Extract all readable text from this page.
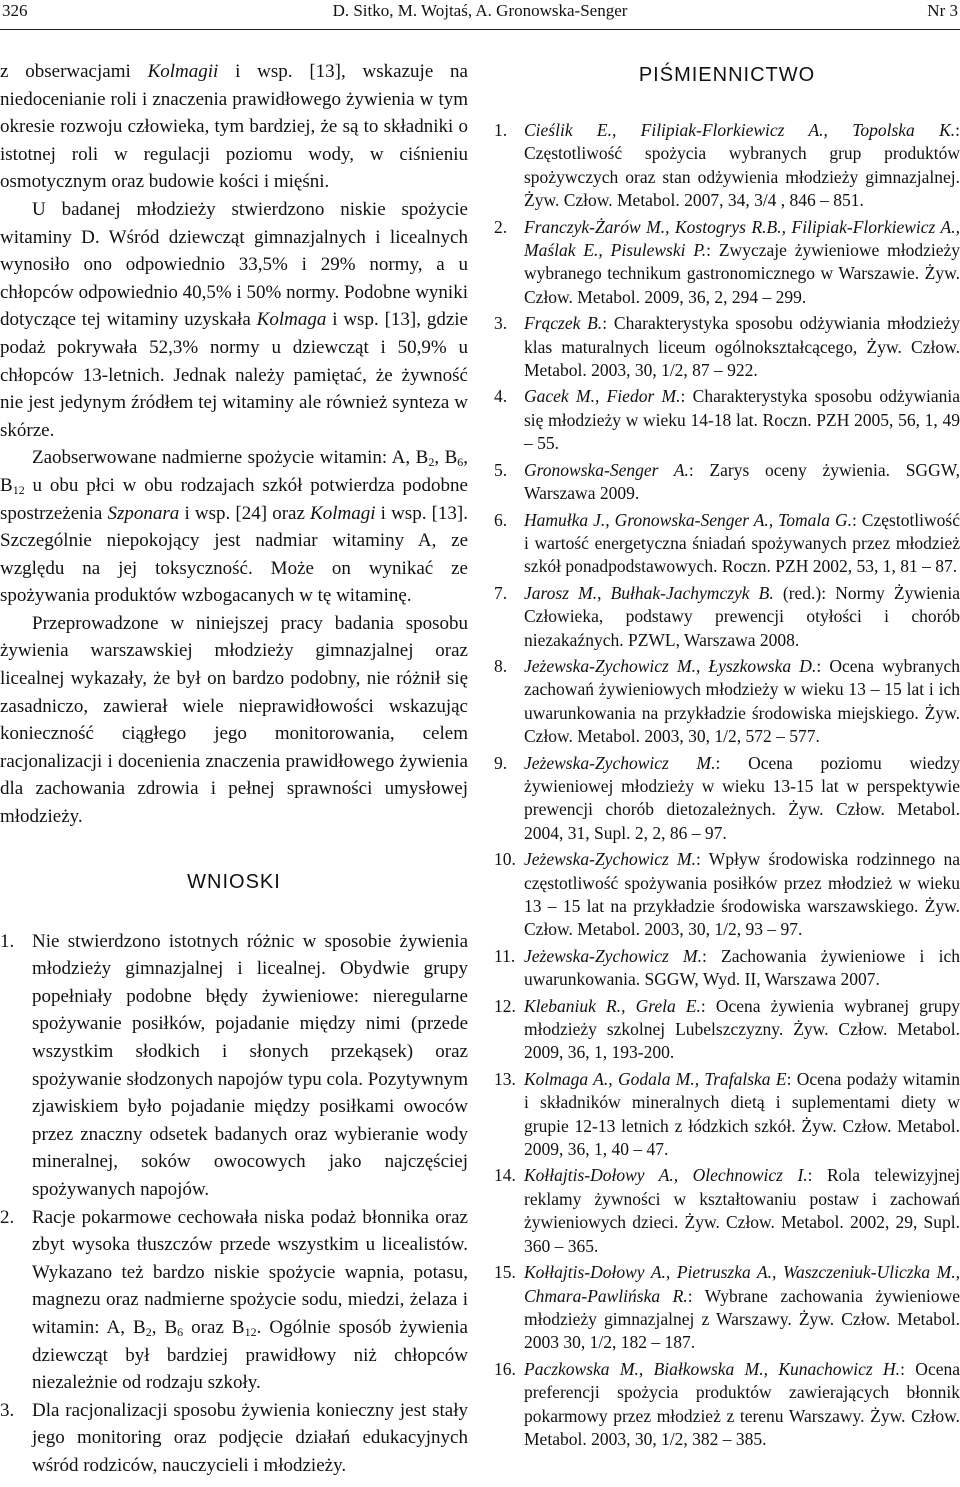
326	D. Sitko, M. Wojtaś, A. Gronowska-Senger	Nr 3

z obserwacjami Kolmagii i wsp. [13], wskazuje na niedocenianie roli i znaczenia prawidłowego żywienia w tym okresie rozwoju człowieka, tym bardziej, że są to składniki o istotnej roli w regulacji poziomu wody, w ciśnieniu osmotycznym oraz budowie kości i mięśni.

U badanej młodzieży stwierdzono niskie spożycie witaminy D. Wśród dziewcząt gimnazjalnych i licealnych wynosiło ono odpowiednio 33,5% i 29% normy, a u chłopców odpowiednio 40,5% i 50% normy. Podobne wyniki dotyczące tej witaminy uzyskała Kolmaga i wsp. [13], gdzie podaż pokrywała 52,3% normy u dziewcząt i 50,9% u chłopców 13-letnich. Jednak należy pamiętać, że żywność nie jest jedynym źródłem tej witaminy ale również synteza w skórze.

Zaobserwowane nadmierne spożycie witamin: A, $B_2$, $B_6$, $B_{12}$ u obu płci w obu rodzajach szkół potwierdza podobne spostrzeżenia Szponara i wsp. [24] oraz Kolmagi i wsp. [13]. Szczególnie niepokojący jest nadmiar witaminy A, ze względu na jej toksyczność. Może on wynikać ze spożywania produktów wzbogacanych w tę witaminę.

Przeprowadzone w niniejszej pracy badania sposobu żywienia warszawskiej młodzieży gimnazjalnej oraz licealnej wykazały, że był on bardzo podobny, nie różnił się zasadniczo, zawierał wiele nieprawidłowości wskazując konieczność ciągłego jego monitorowania, celem racjonalizacji i docenienia znaczenia prawidłowego żywienia dla zachowania zdrowia i pełnej sprawności umysłowej młodzieży.

WNIOSKI
1. Nie stwierdzono istotnych różnic w sposobie żywienia młodzieży gimnazjalnej i licealnej. Obydwie grupy popełniały podobne błędy żywieniowe: nieregularne spożywanie posiłków, pojadanie między nimi (przede wszystkim słodkich i słonych przekąsek) oraz spożywanie słodzonych napojów typu cola. Pozytywnym zjawiskiem było pojadanie między posiłkami owoców przez znaczny odsetek badanych oraz wybieranie wody mineralnej, soków owocowych jako najczęściej spożywanych napojów.
2. Racje pokarmowe cechowała niska podaż błonnika oraz zbyt wysoka tłuszczów przede wszystkim u licealistów. Wykazano też bardzo niskie spożycie wapnia, potasu, magnezu oraz nadmierne spożycie sodu, miedzi, żelaza i witamin: A, $B_2$, $B_6$ oraz $B_{12}$. Ogólnie sposób żywienia dziewcząt był bardziej prawidłowy niż chłopców niezależnie od rodzaju szkoły.
3. Dla racjonalizacji sposobu żywienia konieczny jest stały jego monitoring oraz podjęcie działań edukacyjnych wśród rodziców, nauczycieli i młodzieży.
PIŚMIENNICTWO
1. Cieślik E., Filipiak-Florkiewicz A., Topolska K.: Częstotliwość spożycia wybranych grup produktów spożywczych oraz stan odżywienia młodzieży gimnazjalnej. Żyw. Człow. Metabol. 2007, 34, 3/4 , 846 – 851.
2. Franczyk-Żarów M., Kostogrys R.B., Filipiak-Florkiewicz A., Maślak E., Pisulewski P.: Zwyczaje żywieniowe młodzieży wybranego technikum gastronomicznego w Warszawie. Żyw. Człow. Metabol. 2009, 36, 2, 294 – 299.
3. Frączek B.: Charakterystyka sposobu odżywiania młodzieży klas maturalnych liceum ogólnokształcącego, Żyw. Człow. Metabol. 2003, 30, 1/2, 87 – 922.
4. Gacek M., Fiedor M.: Charakterystyka sposobu odżywiania się młodzieży w wieku 14-18 lat. Roczn. PZH 2005, 56, 1, 49 – 55.
5. Gronowska-Senger A.: Zarys oceny żywienia. SGGW, Warszawa 2009.
6. Hamułka J., Gronowska-Senger A., Tomala G.: Częstotliwość i wartość energetyczna śniadań spożywanych przez młodzież szkół ponadpodstawowych. Roczn. PZH 2002, 53, 1, 81 – 87.
7. Jarosz M., Bułhak-Jachymczyk B. (red.): Normy Żywienia Człowieka, podstawy prewencji otyłości i chorób niezakaźnych. PZWL, Warszawa 2008.
8. Jeżewska-Zychowicz M., Łyszkowska D.: Ocena wybranych zachowań żywieniowych młodzieży w wieku 13 – 15 lat i ich uwarunkowania na przykładzie środowiska miejskiego. Żyw. Człow. Metabol. 2003, 30, 1/2, 572 – 577.
9. Jeżewska-Zychowicz M.: Ocena poziomu wiedzy żywieniowej młodzieży w wieku 13-15 lat w perspektywie prewencji chorób dietozależnych. Żyw. Człow. Metabol. 2004, 31, Supl. 2, 2, 86 – 97.
10. Jeżewska-Zychowicz M.: Wpływ środowiska rodzinnego na częstotliwość spożywania posiłków przez młodzież w wieku 13 – 15 lat na przykładzie środowiska warszawskiego. Żyw. Człow. Metabol. 2003, 30, 1/2, 93 – 97.
11. Jeżewska-Zychowicz M.: Zachowania żywieniowe i ich uwarunkowania. SGGW, Wyd. II, Warszawa 2007.
12. Klebaniuk R., Grela E.: Ocena żywienia wybranej grupy młodzieży szkolnej Lubelszczyzny. Żyw. Człow. Metabol. 2009, 36, 1, 193-200.
13. Kolmaga A., Godala M., Trafalska E: Ocena podaży witamin i składników mineralnych dietą i suplementami diety w grupie 12-13 letnich z łódzkich szkół. Żyw. Człow. Metabol. 2009, 36, 1, 40 – 47.
14. Kołłajtis-Dołowy A., Olechnowicz I.: Rola telewizyjnej reklamy żywności w kształtowaniu postaw i zachowań żywieniowych dzieci. Żyw. Człow. Metabol. 2002, 29, Supl. 360 – 365.
15. Kołłajtis-Dołowy A., Pietruszka A., Waszczeniuk-Uliczka M., Chmara-Pawlińska R.: Wybrane zachowania żywieniowe młodzieży gimnazjalnej z Warszawy. Żyw. Człow. Metabol. 2003 30, 1/2, 182 – 187.
16. Paczkowska M., Białkowska M., Kunachowicz H.: Ocena preferencji spożycia produktów zawierających błonnik pokarmowy przez młodzież z terenu Warszawy. Żyw. Człow. Metabol. 2003, 30, 1/2, 382 – 385.
